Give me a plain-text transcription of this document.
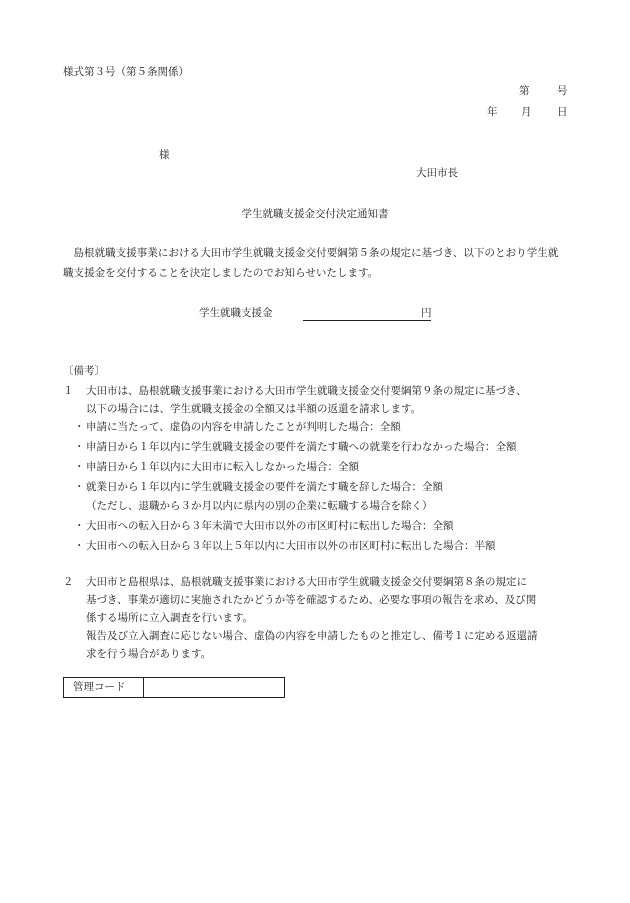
様式第３号（第５条関係）
第	号
年 月 日
様
大田市長
学生就職支援金交付決定通知書
島根就職支援事業における大田市学生就職支援金交付要綱第５条の規定に基づき、以下のとおり学生就職支援金を交付することを決定しましたのでお知らせいたします。
学生就職支援金	円
〔備考〕
１ 大田市は、島根就職支援事業における大田市学生就職支援金交付要綱第９条の規定に基づき、
以下の場合には、学生就職支援金の全額又は半額の返還を請求します。
・ 申請に当たって、虚偽の内容を申請したことが判明した場合：全額
・ 申請日から１年以内に学生就職支援金の要件を満たす職への就業を行わなかった場合：全額
・ 申請日から１年以内に大田市に転入しなかった場合：全額
・ 就業日から１年以内に学生就職支援金の要件を満たす職を辞した場合：全額
（ただし、退職から３か月以内に県内の別の企業に転職する場合を除く）
・ 大田市への転入日から３年未満で大田市以外の市区町村に転出した場合：全額
・ 大田市への転入日から３年以上５年以内に大田市以外の市区町村に転出した場合：半額
２ 大田市と島根県は、島根就職支援事業における大田市学生就職支援金交付要綱第８条の規定に
基づき、事業が適切に実施されたかどうか等を確認するため、必要な事項の報告を求め、及び関
係する場所に立入調査を行います。
報告及び立入調査に応じない場合、虚偽の内容を申請したものと推定し、備考１に定める返還請
求を行う場合があります。
管理コード
